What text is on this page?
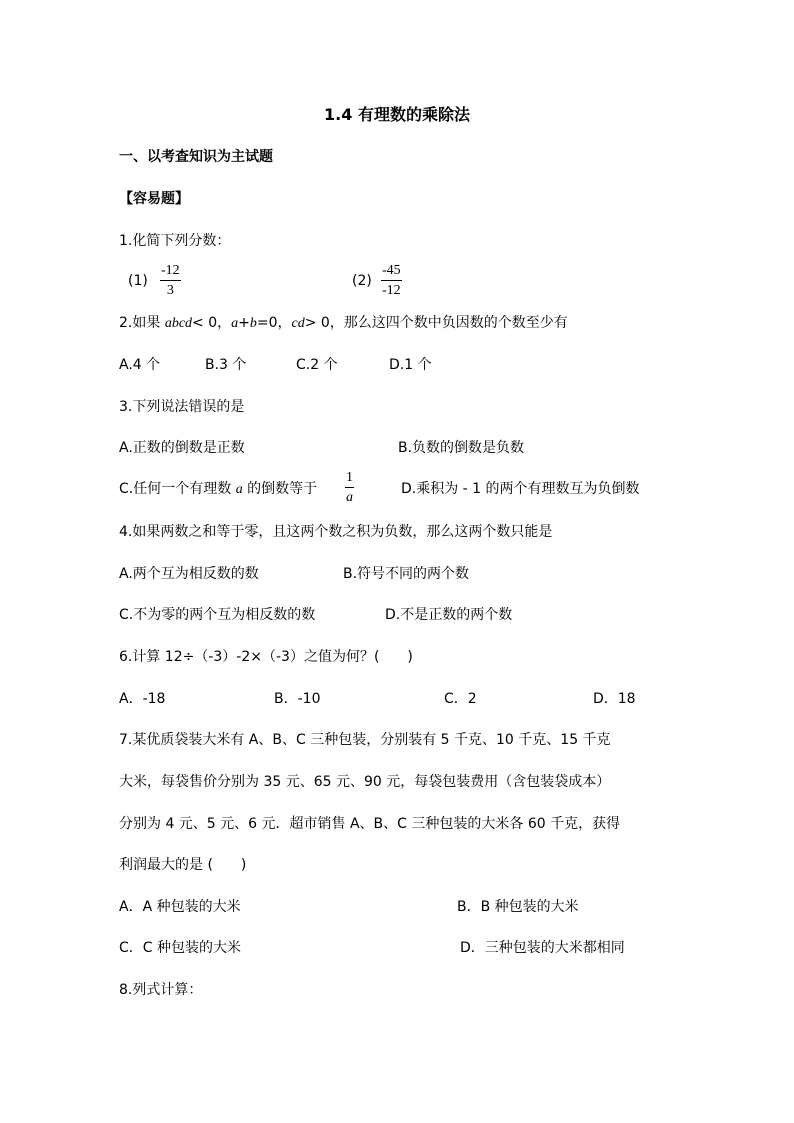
1.4 有理数的乘除法
一、以考查知识为主试题
【容易题】
1.化简下列分数：
(1)
-12
3
(2)
-45
-12
2.如果 abcd< 0，a+b=0，cd> 0，那么这四个数中负因数的个数至少有
A.4 个	B.3 个	C.2 个	D.1 个
3.下列说法错误的是
A.正数的倒数是正数	B.负数的倒数是负数
C.任何一个有理数 a 的倒数等于
1
a
D.乘积为 - 1 的两个有理数互为负倒数
4.如果两数之和等于零，且这两个数之积为负数，那么这两个数只能是
A.两个互为相反数的数	B.符号不同的两个数
C.不为零的两个互为相反数的数	D.不是正数的两个数
6.计算 12÷（-3）-2×（-3）之值为何？(　　)
A．-18	B．-10	C．2	D．18
7.某优质袋装大米有 A、B、C 三种包装，分别装有 5 千克、10 千克、15 千克
大米，每袋售价分别为 35 元、65 元、90 元，每袋包装费用（含包装袋成本）
分别为 4 元、5 元、6 元．超市销售 A、B、C 三种包装的大米各 60 千克，获得
利润最大的是 (　　)
A．A 种包装的大米	B．B 种包装的大米
C．C 种包装的大米	D．三种包装的大米都相同
8.列式计算：
